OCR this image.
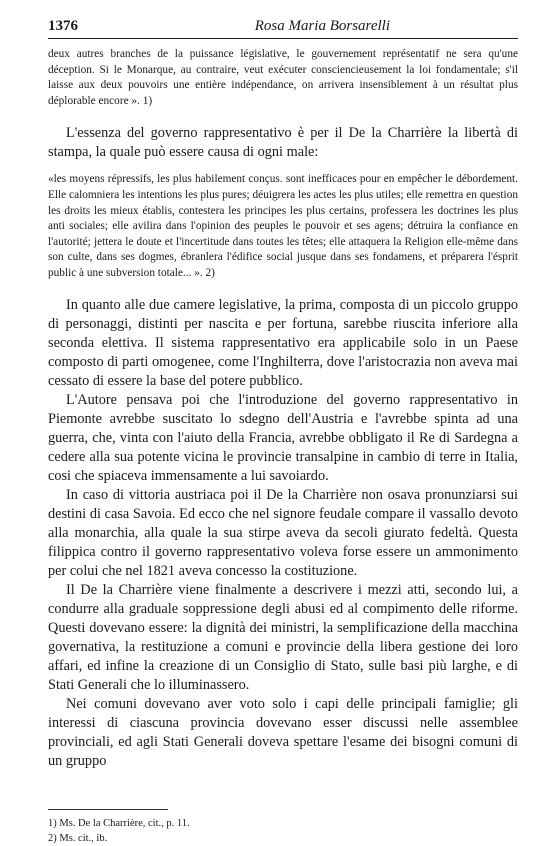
1376	Rosa Maria Borsarelli

deux autres branches de la puissance législative, le gouvernement représentatif ne sera qu'une déception. Si le Monarque, au contraire, veut exécuter consciencieusement la loi fondamentale; s'il laisse aux deux pouvoirs une entière indépendance, on arrivera insensiblement à un résultat plus déplorable encore ». 1)

L'essenza del governo rappresentativo è per il De la Charrière la libertà di stampa, la quale può essere causa di ogni male:

«les moyens répressifs, les plus habilement conçus. sont inefficaces pour en empêcher le débordement. Elle calomniera les intentions les plus pures; déuigrera les actes les plus utiles; elle remettra en question les droits les mieux établis, contestera les principes les plus certains, professera les doctrines les plus anti sociales; elle avilira dans l'opinion des peuples le pouvoir et ses agens; détruira la confiance en l'autorité; jettera le doute et l'incertitude dans toutes les têtes; elle attaquera la Religion elle-même dans son culte, dans ses dogmes, ébranlera l'édifice social jusque dans ses fondamens, et préparera l'ésprit public à une subversion totale... ». 2)

In quanto alle due camere legislative, la prima, composta di un piccolo gruppo di personaggi, distinti per nascita e per fortuna, sarebbe riuscita inferiore alla seconda elettiva. Il sistema rappresentativo era applicabile solo in un Paese composto di parti omogenee, come l'Inghilterra, dove l'aristocrazia non aveva mai cessato di essere la base del potere pubblico.

L'Autore pensava poi che l'introduzione del governo rappresentativo in Piemonte avrebbe suscitato lo sdegno dell'Austria e l'avrebbe spinta ad una guerra, che, vinta con l'aiuto della Francia, avrebbe obbligato il Re di Sardegna a cedere alla sua potente vicina le provincie transalpine in cambio di terre in Italia, cosi che spiaceva immensamente a lui savoiardo.

In caso di vittoria austriaca poi il De la Charrière non osava pronunziarsi sui destini di casa Savoia. Ed ecco che nel signore feudale compare il vassallo devoto alla monarchia, alla quale la sua stirpe aveva da secoli giurato fedeltà. Questa filippica contro il governo rappresentativo voleva forse essere un ammonimento per colui che nel 1821 aveva concesso la costituzione.

Il De la Charrière viene finalmente a descrivere i mezzi atti, secondo lui, a condurre alla graduale soppressione degli abusi ed al compimento delle riforme. Questi dovevano essere: la dignità dei ministri, la semplificazione della macchina governativa, la restituzione a comuni e provincie della libera gestione dei loro affari, ed infine la creazione di un Consiglio di Stato, sulle basi più larghe, e di Stati Generali che lo illuminassero.

Nei comuni dovevano aver voto solo i capi delle principali famiglie; gli interessi di ciascuna provincia dovevano esser discussi nelle assemblee provinciali, ed agli Stati Generali doveva spettare l'esame dei bisogni comuni di un gruppo

1) Ms. De la Charrière, cit., p. 11.

2) Ms. cit., ib.
